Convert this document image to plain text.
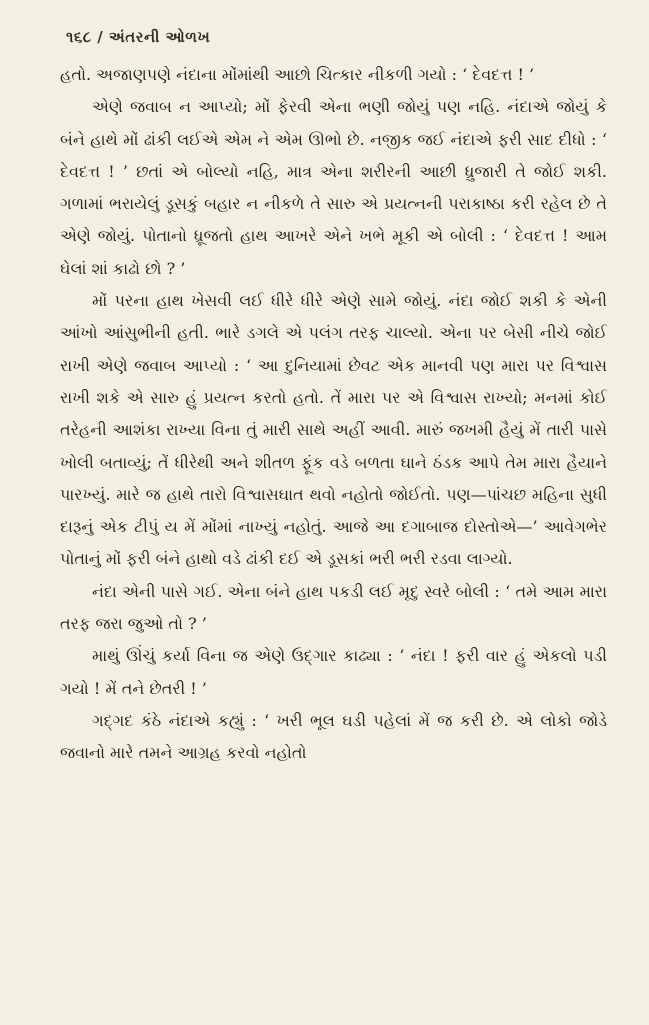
૧૬૮ / અંતરની ઓળખ

હતો. અજાણપણે નંદાના મોંમાંથી આછો ચિત્કાર નીકળી ગયો : ‘ દેવદત્ત ! ’

એણે જવાબ ન આપ્યો; મોં ફેરવી એના ભણી જોયું પણ નહિ. નંદાએ જોયું કે બંને હાથે મોં ઢાંકી લઈએ એમ ને એમ ઊભો છે. નજીક જઈ નંદાએ ફરી સાદ દીધો : ‘ દેવદત્ત ! ’ છતાં એ બોલ્યો નહિ, માત્ર એના શરીરની આછી ધ્રુજારી તે જોઈ શકી. ગળામાં ભરાયેલું ડૂસકું બહાર ન નીકળે તે સારુ એ પ્રયત્નની પરાકાષ્ઠા કરી રહેલ છે તે એણે જોયું. પોતાનો ધ્રૂજતો હાથ આખરે એને ખભે મૂકી એ બોલી : ‘ દેવદત્ત ! આમ ઘેલાં શાં કાઢો છો ? ’

મોં પરના હાથ ખેસવી લઈ ધીરે ધીરે એણે સામે જોયું. નંદા જોઈ શકી કે એની આંખો આંસુભીની હતી. ભારે ડગલે એ પલંગ તરફ ચાલ્યો. એના પર બેસી નીચે જોઈ રાખી એણે જવાબ આપ્યો : ‘ આ દુનિયામાં છેવટ એક માનવી પણ મારા પર વિશ્વાસ રાખી શકે એ સારુ હું પ્રયત્ન કરતો હતો. તેં મારા પર એ વિશ્વાસ રાખ્યો; મનમાં કોઈ તરેહની આશંકા રાખ્યા વિના તું મારી સાથે અહીં આવી. મારું જખમી હૈયું મેં તારી પાસે ખોલી બતાવ્યું; તેં ધીરેથી અને શીતળ ફૂંક વડે બળતા ઘાને ઠંડક આપે તેમ મારા હૈયાને પારખ્યું. મારે જ હાથે તારો વિશ્વાસઘાત થવો નહોતો જોઈતો. પણ—પાંચછ મહિના સુધી દારૂનું એક ટીપું ય મેં મોંમાં નાખ્યું નહોતું. આજે આ દગાબાજ દોસ્તોએ—’ આવેગભેર પોતાનું મોં ફરી બંને હાથો વડે ઢાંકી દઈ એ ડૂસકાં ભરી ભરી રડવા લાગ્યો.

નંદા એની પાસે ગઈ. એના બંને હાથ પકડી લઈ મૃદુ સ્વરે બોલી : ‘ તમે આમ મારા તરફ જરા જુઓ તો ? ’

માથું ઊંચું કર્યા વિના જ એણે ઉદ્ગાર કાઢ્યા : ‘ નંદા ! ફરી વાર હું એકલો પડી ગયો ! મેં તને છેતરી ! ’

ગદ્ગદ કંઠે નંદાએ કહ્યું : ‘ ખરી ભૂલ ઘડી પહેલાં મેં જ કરી છે. એ લોકો જોડે જવાનો મારે તમને આગ્રહ કરવો નહોતો
